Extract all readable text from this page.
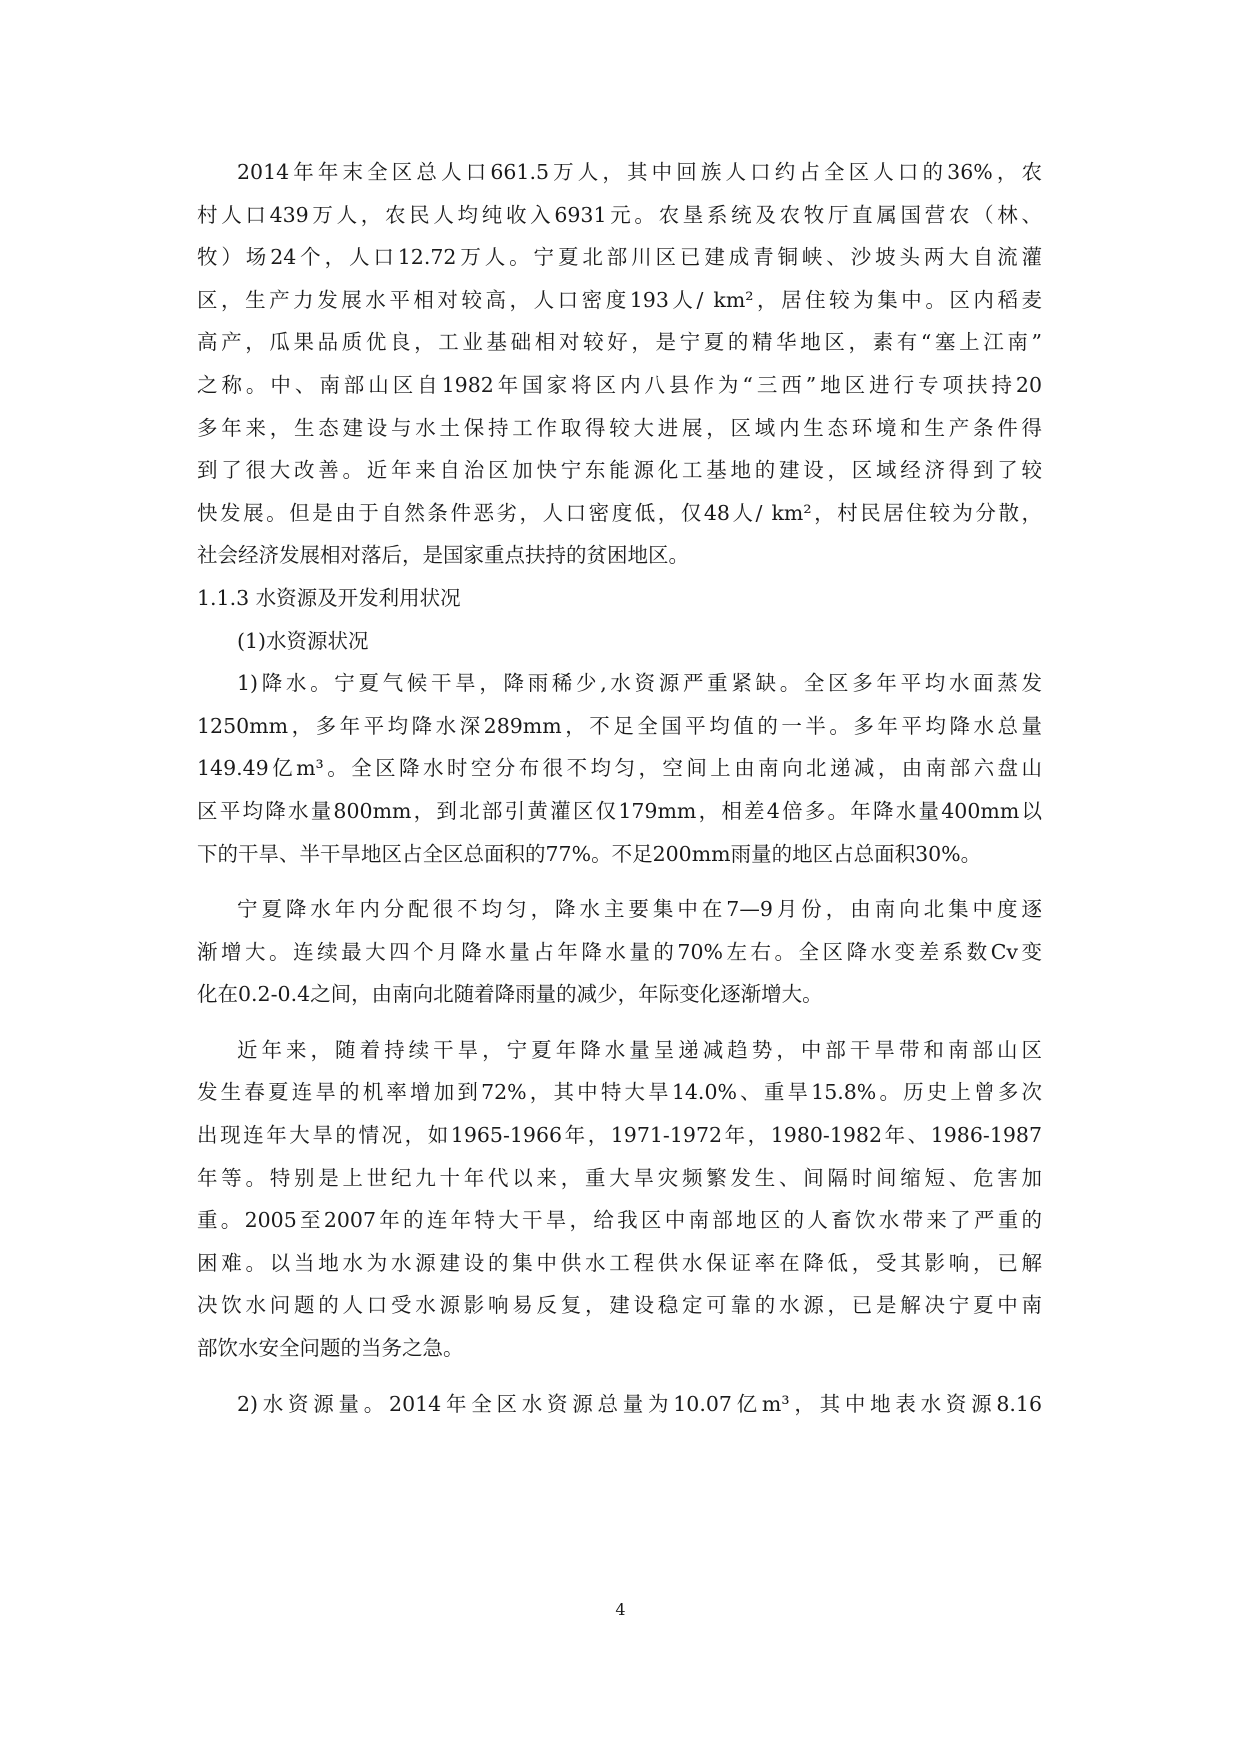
2014年年末全区总人口661.5万人，其中回族人口约占全区人口的36%，农
村人口439万人，农民人均纯收入6931元。农垦系统及农牧厅直属国营农（林、
牧）场24个，人口12.72万人。宁夏北部川区已建成青铜峡、沙坡头两大自流灌
区，生产力发展水平相对较高，人口密度193人/ km²，居住较为集中。区内稻麦
高产，瓜果品质优良，工业基础相对较好，是宁夏的精华地区，素有“塞上江南”
之称。中、南部山区自1982年国家将区内八县作为“三西”地区进行专项扶持20
多年来，生态建设与水土保持工作取得较大进展，区域内生态环境和生产条件得
到了很大改善。近年来自治区加快宁东能源化工基地的建设，区域经济得到了较
快发展。但是由于自然条件恶劣，人口密度低，仅48人/ km²，村民居住较为分散，
社会经济发展相对落后，是国家重点扶持的贫困地区。
1.1.3 水资源及开发利用状况
(1)水资源状况
1)降水。宁夏气候干旱，降雨稀少,水资源严重紧缺。全区多年平均水面蒸发
1250mm，多年平均降水深289mm，不足全国平均值的一半。多年平均降水总量
149.49亿m³。全区降水时空分布很不均匀，空间上由南向北递减，由南部六盘山
区平均降水量800mm，到北部引黄灌区仅179mm，相差4倍多。年降水量400mm以
下的干旱、半干旱地区占全区总面积的77%。不足200mm雨量的地区占总面积30%。
宁夏降水年内分配很不均匀，降水主要集中在7—9月份，由南向北集中度逐
渐增大。连续最大四个月降水量占年降水量的70%左右。全区降水变差系数Cv变
化在0.2-0.4之间，由南向北随着降雨量的减少，年际变化逐渐增大。
近年来，随着持续干旱，宁夏年降水量呈递减趋势，中部干旱带和南部山区
发生春夏连旱的机率增加到72%，其中特大旱14.0%、重旱15.8%。历史上曾多次
出现连年大旱的情况，如1965-1966年，1971-1972年，1980-1982年、1986-1987
年等。特别是上世纪九十年代以来，重大旱灾频繁发生、间隔时间缩短、危害加
重。2005至2007年的连年特大干旱，给我区中南部地区的人畜饮水带来了严重的
困难。以当地水为水源建设的集中供水工程供水保证率在降低，受其影响，已解
决饮水问题的人口受水源影响易反复，建设稳定可靠的水源，已是解决宁夏中南
部饮水安全问题的当务之急。
2)水资源量。2014年全区水资源总量为10.07亿m³，其中地表水资源8.16
4
